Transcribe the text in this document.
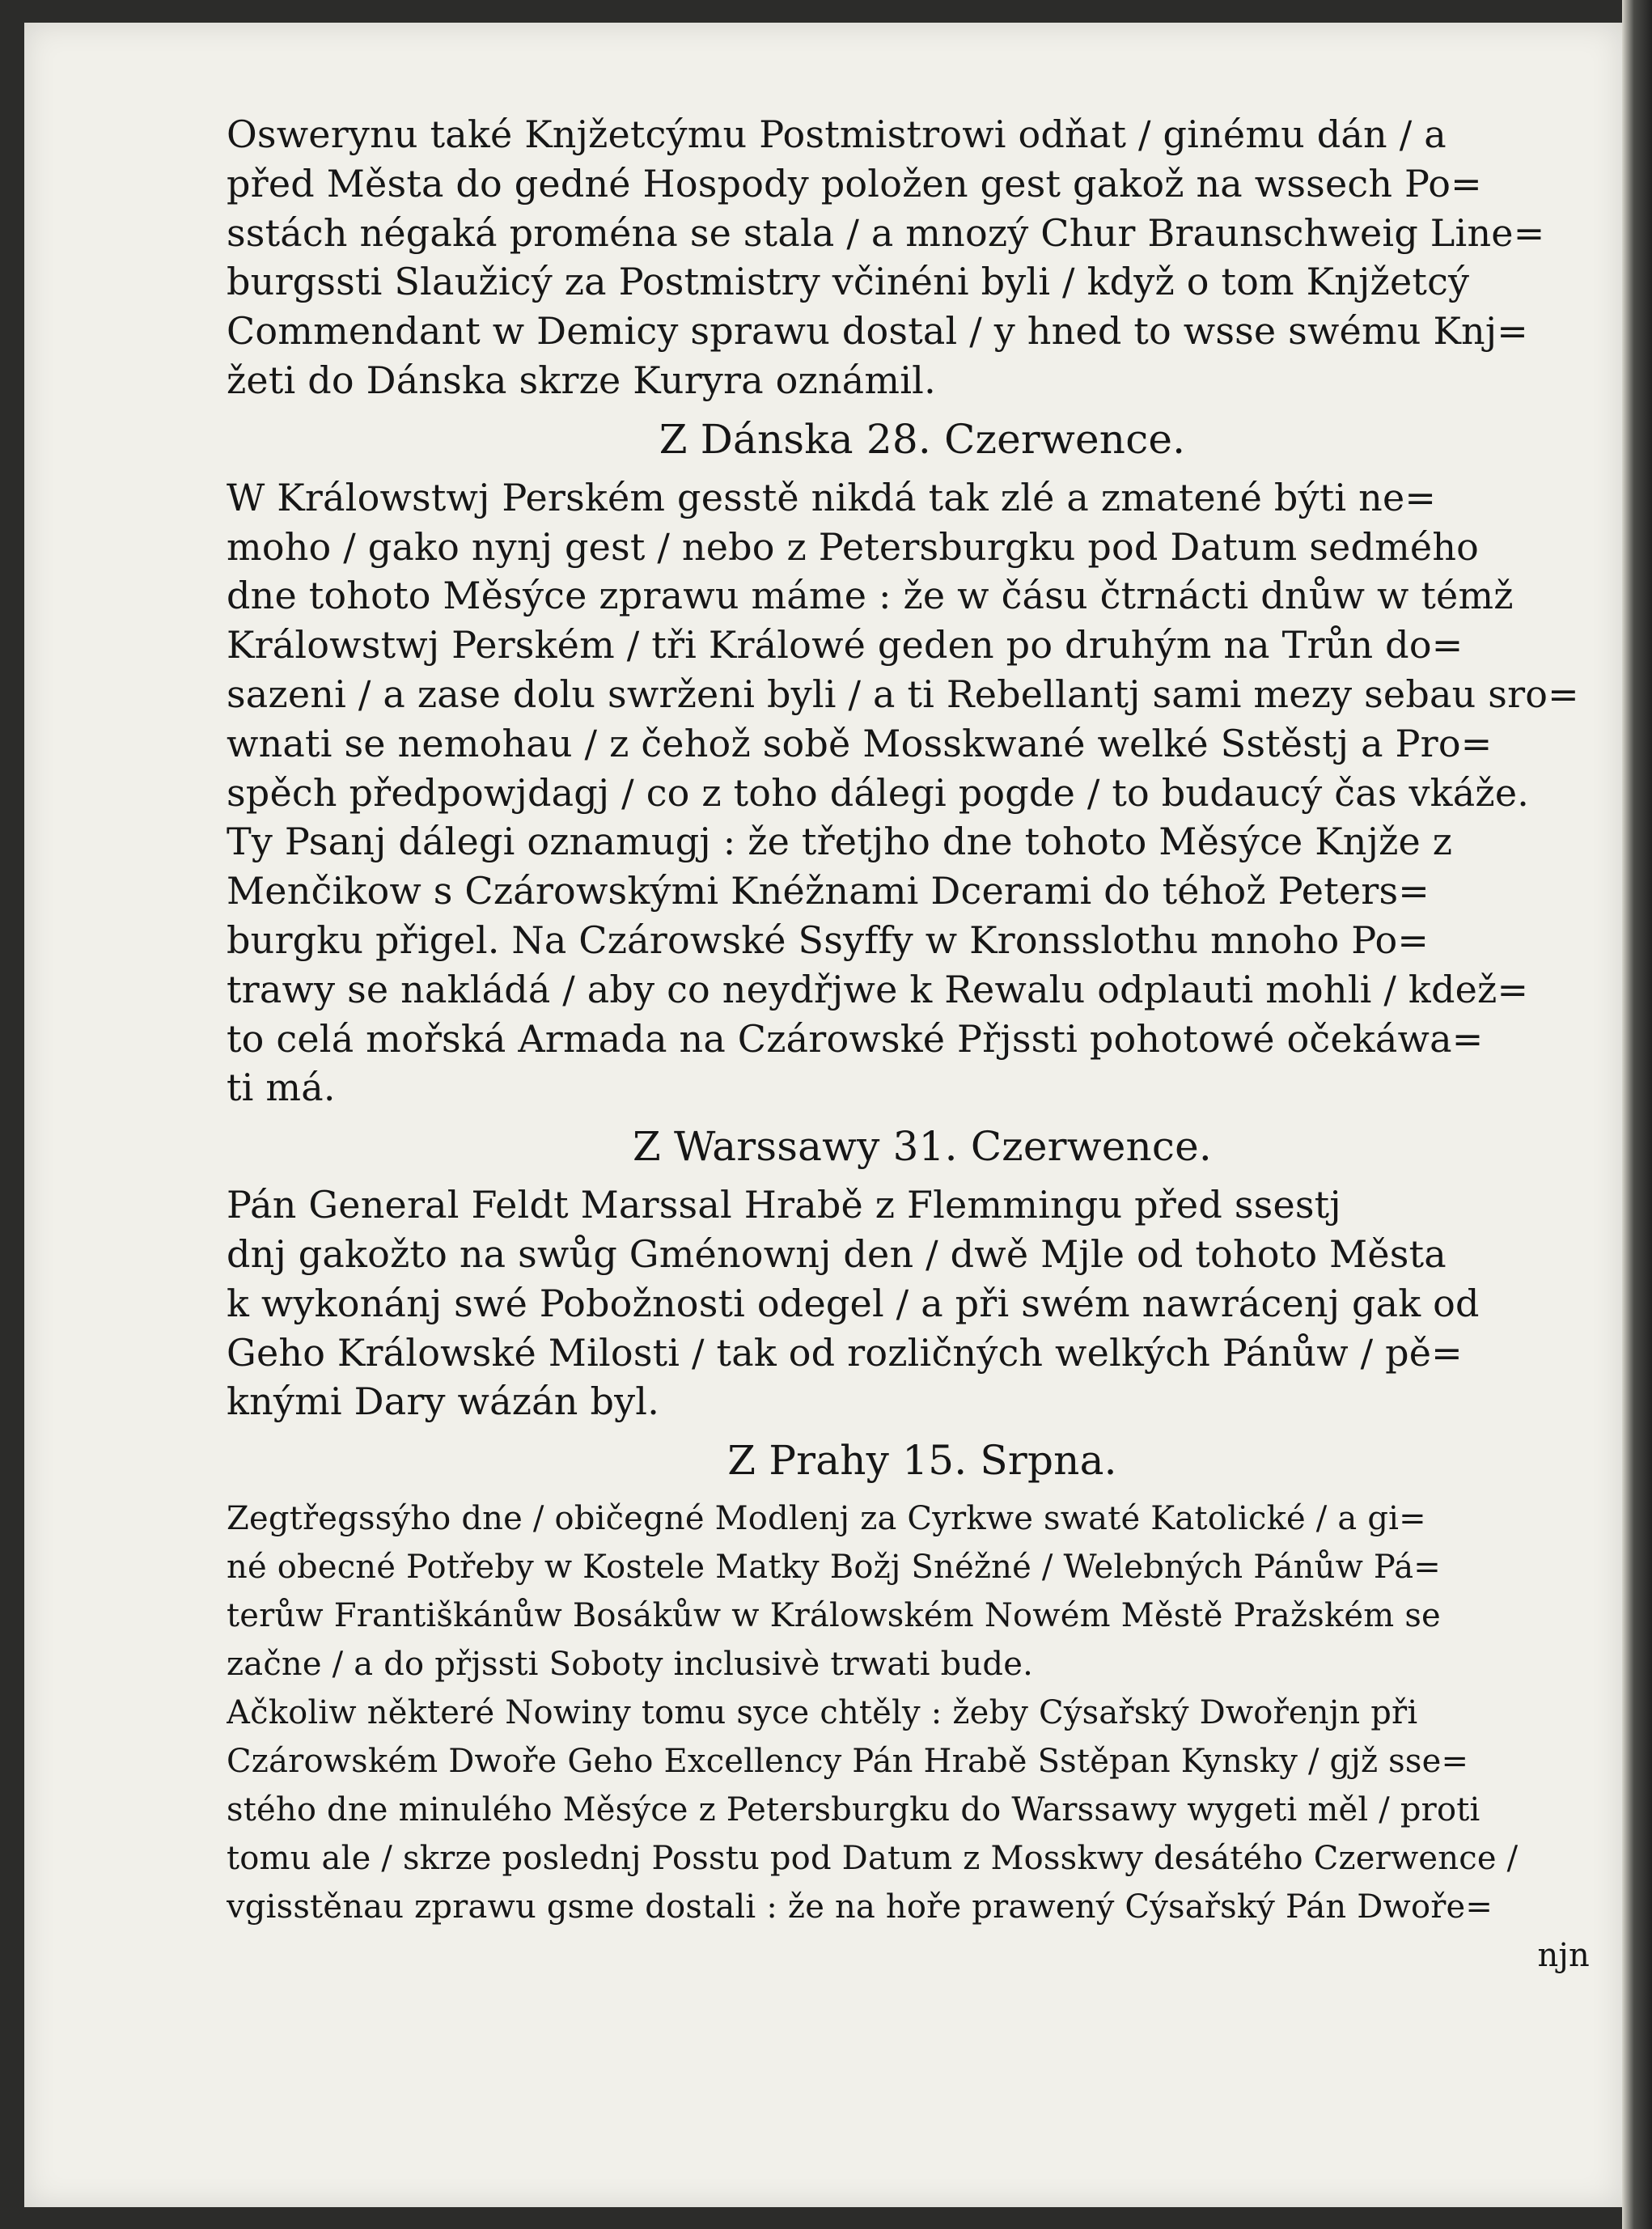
Oswerynu také Knjžetcýmu Postmistrowi odňat / ginému dán / a
před Města do gedné Hospody položen gest gakož na wssech Po=
sstách négaká proména se stala / a mnozý Chur Braunschweig Line=
burgssti Slaužicý za Postmistry včinéni byli / když o tom Knjžetcý
Commendant w Demicy sprawu dostal / y hned to wsse swému Knj=
žeti do Dánska skrze Kuryra oznámil.

Z Dánska 28. Czerwence.

W Králowstwj Perském gesstě nikdá tak zlé a zmatené býti ne=
moho / gako nynj gest / nebo z Petersburgku pod Datum sedmého
dne tohoto Měsýce zprawu máme : že w čásu čtrnácti dnůw w témž
Králowstwj Perském / tři Králowé geden po druhým na Trůn do=
sazeni / a zase dolu swrženi byli / a ti Rebellantj sami mezy sebau sro=
wnati se nemohau / z čehož sobě Mosskwané welké Sstěstj a Pro=
spěch předpowjdagj / co z toho dálegi pogde / to budaucý čas vkáže.
Ty Psanj dálegi oznamugj : že třetjho dne tohoto Měsýce Knjže z
Menčikow s Czárowskými Knéžnami Dcerami do téhož Peters=
burgku přigel. Na Czárowské Ssyffy w Kronsslothu mnoho Po=
trawy se nakládá / aby co neydřjwe k Rewalu odplauti mohli / kdež=
to celá mořská Armada na Czárowské Přjssti pohotowé očekáwa=
ti má.

Z Warssawy 31. Czerwence.

Pán General Feldt Marssal Hrabě z Flemmingu před ssestj
dnj gakožto na swůg Gménownj den / dwě Mjle od tohoto Města
k wykonánj swé Pobožnosti odegel / a při swém nawrácenj gak od
Geho Králowské Milosti / tak od rozličných welkých Pánůw / pě=
knými Dary wázán byl.

Z Prahy 15. Srpna.

Zegtřegssýho dne / običegné Modlenj za Cyrkwe swaté Katolické / a gi=
né obecné Potřeby w Kostele Matky Božj Snéžné / Welebných Pánůw Pá=
terůw Františkánůw Bosákůw w Králowském Nowém Městě Pražském se
začne / a do přjssti Soboty inclusivè trwati bude.

Ačkoliw některé Nowiny tomu syce chtěly : žeby Cýsařský Dwořenjn při
Czárowském Dwoře Geho Excellency Pán Hrabě Sstěpan Kynsky / gjž sse=
stého dne minulého Měsýce z Petersburgku do Warssawy wygeti měl / proti
tomu ale / skrze poslednj Posstu pod Datum z Mosskwy desátého Czerwence /
vgisstěnau zprawu gsme dostali : že na hoře prawený Cýsařský Pán Dwoře=

njn
